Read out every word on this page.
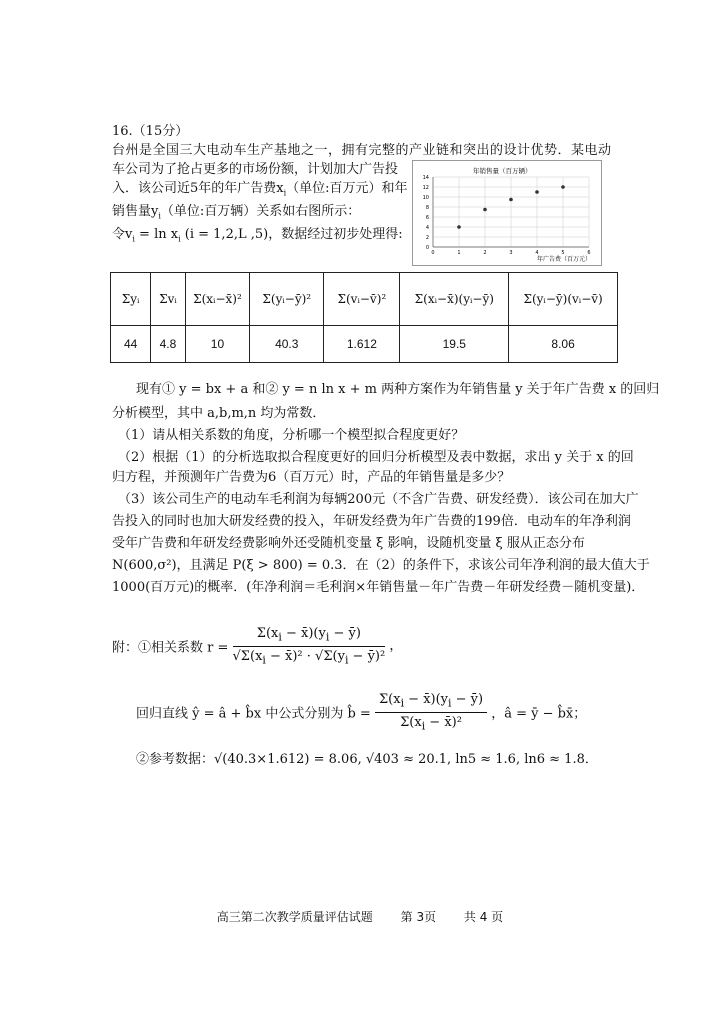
16.（15分）
台州是全国三大电动车生产基地之一，拥有完整的产业链和突出的设计优势．某电动
车公司为了抢占更多的市场份额，计划加大广告投
入．该公司近5年的年广告费$x_i$（单位:百万元）和年
销售量$y_i$（单位:百万辆）关系如右图所示：
令$v_i = \ln x_i$ (i = 1,2,L ,5)，数据经过初步处理得:
年销售量（百万辆）
年广告费（百万元）
0
2
4
6
8
10
12
14
0	1	2	3	4	5	6
Σyᵢ	Σvᵢ	Σ(xᵢ−x̄)²	Σ(yᵢ−ȳ)²	Σ(vᵢ−v̄)²	Σ(xᵢ−x̄)(yᵢ−ȳ)	Σ(yᵢ−ȳ)(vᵢ−v̄)
44	4.8	10	40.3	1.612	19.5	8.06
现有① y = bx + a 和② y = n ln x + m 两种方案作为年销售量 y 关于年广告费 x 的回归
分析模型，其中 a,b,m,n 均为常数．
（1）请从相关系数的角度，分析哪一个模型拟合程度更好？
（2）根据（1）的分析选取拟合程度更好的回归分析模型及表中数据，求出 y 关于 x 的回
归方程，并预测年广告费为6（百万元）时，产品的年销售量是多少？
（3）该公司生产的电动车毛利润为每辆200元（不含广告费、研发经费）．该公司在加大广
告投入的同时也加大研发经费的投入，年研发经费为年广告费的199倍．电动车的年净利润
受年广告费和年研发经费影响外还受随机变量 ξ 影响，设随机变量 ξ 服从正态分布
N(600,σ²)，且满足 P(ξ > 800) = 0.3．在（2）的条件下，求该公司年净利润的最大值大于
1000(百万元)的概率．(年净利润＝毛利润×年销售量－年广告费－年研发经费－随机变量)．
附：①相关系数 $r = \frac{\Sigma(x_i - x̄)(y_i - ȳ)}{√\Sigma(x_i - x̄)^2 \cdot √\Sigma(y_i - ȳ)^2}$ ，
回归直线 ŷ = â + b̂x 中公式分别为 b̂ = $\frac{\Sigma(x_i - x̄)(y_i - ȳ)}{\Sigma(x_i - x̄)^2}$ ，â = ȳ − b̂x̄；
②参考数据：√(40.3×1.612) = 8.06, √403 ≈ 20.1, ln5 ≈ 1.6, ln6 ≈ 1.8．
高三第二次教学质量评估试题 第 3页 共 4 页
